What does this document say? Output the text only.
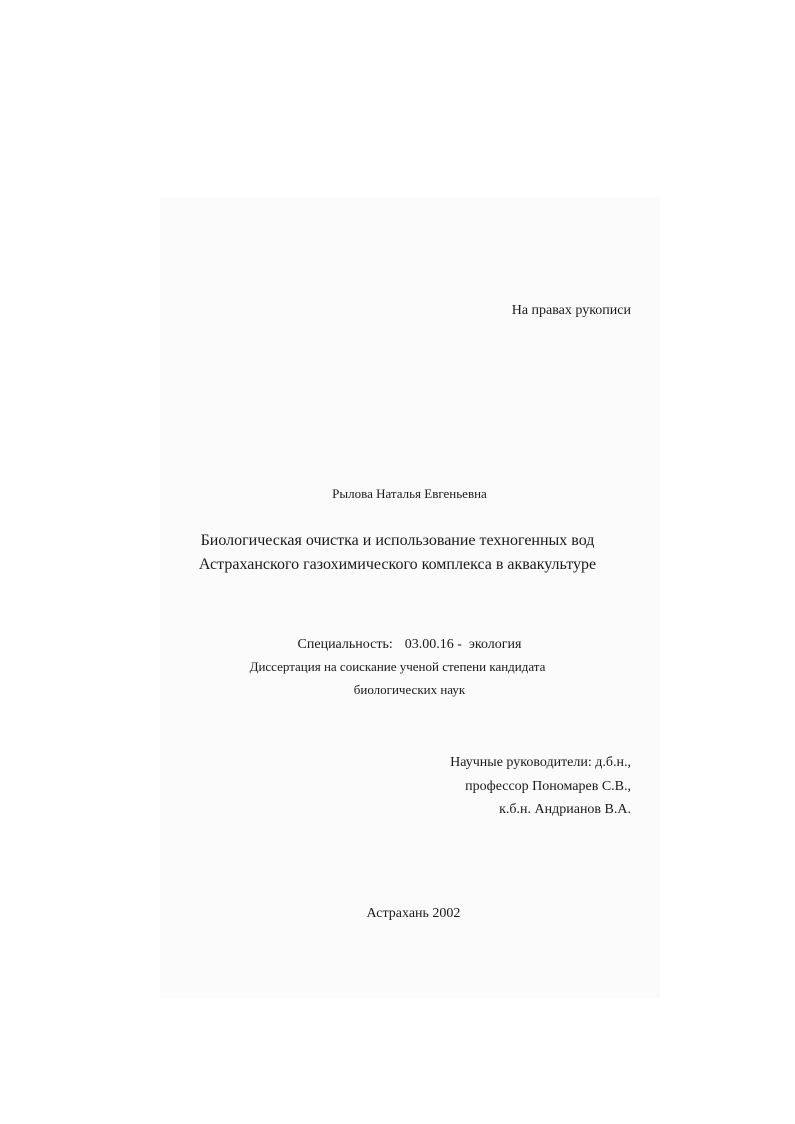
На правах рукописи
Рылова Наталья Евгеньевна
Биологическая очистка и использование техногенных вод
Астраханского газохимического комплекса в аквакультуре
Специальность: 03.00.16 - экология
Диссертация на соискание ученой степени кандидата
биологических наук
Научные руководители: д.б.н.,
профессор Пономарев С.В.,
к.б.н. Андрианов В.А.
Астрахань 2002
